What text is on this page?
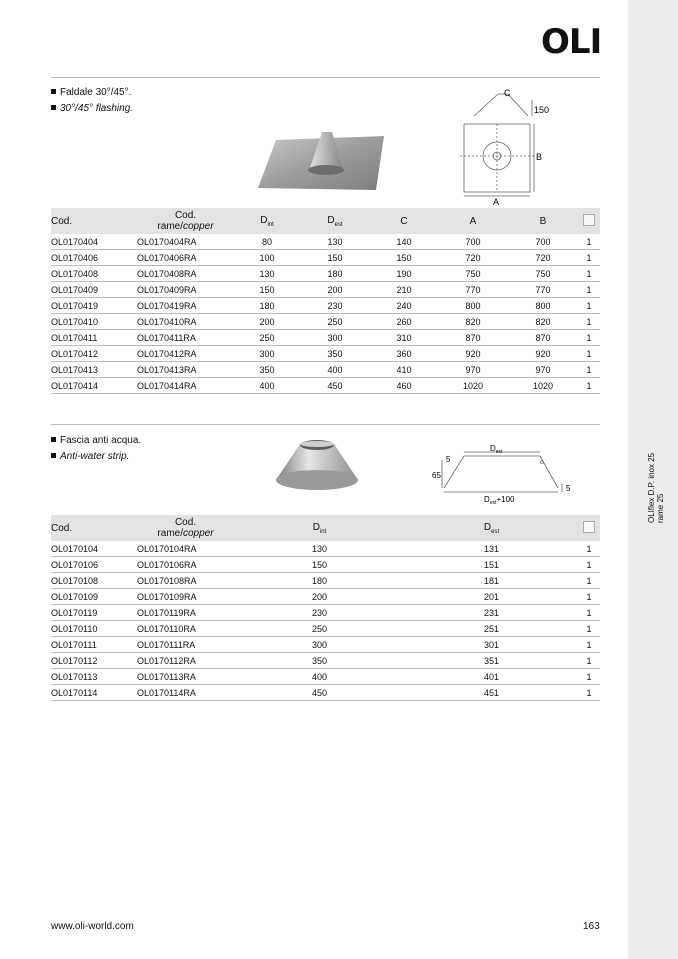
OLIflex D.P. inox 25 rame 25
OLI
Faldale 30°/45°.
30°/45° flashing.
C
150
B
A
Cod.	Cod.
rame/copper	$D_{int}$	$D_{est}$	C	A	B	
OL0170404	OL0170404RA	80	130	140	700	700	1
OL0170406	OL0170406RA	100	150	150	720	720	1
OL0170408	OL0170408RA	130	180	190	750	750	1
OL0170409	OL0170409RA	150	200	210	770	770	1
OL0170419	OL0170419RA	180	230	240	800	800	1
OL0170410	OL0170410RA	200	250	260	820	820	1
OL0170411	OL0170411RA	250	300	310	870	870	1
OL0170412	OL0170412RA	300	350	360	920	920	1
OL0170413	OL0170413RA	350	400	410	970	970	1
OL0170414	OL0170414RA	400	450	460	1020	1020	1
Fascia anti acqua.
Anti-water strip.
$D_{est}$
5
65
5
$D_{est}+100$
Cod.	Cod.
rame/copper	$D_{int}$	$D_{est}$	
OL0170104	OL0170104RA	130	131	1
OL0170106	OL0170106RA	150	151	1
OL0170108	OL0170108RA	180	181	1
OL0170109	OL0170109RA	200	201	1
OL0170119	OL0170119RA	230	231	1
OL0170110	OL0170110RA	250	251	1
OL0170111	OL0170111RA	300	301	1
OL0170112	OL0170112RA	350	351	1
OL0170113	OL0170113RA	400	401	1
OL0170114	OL0170114RA	450	451	1
www.oli-world.com	163
